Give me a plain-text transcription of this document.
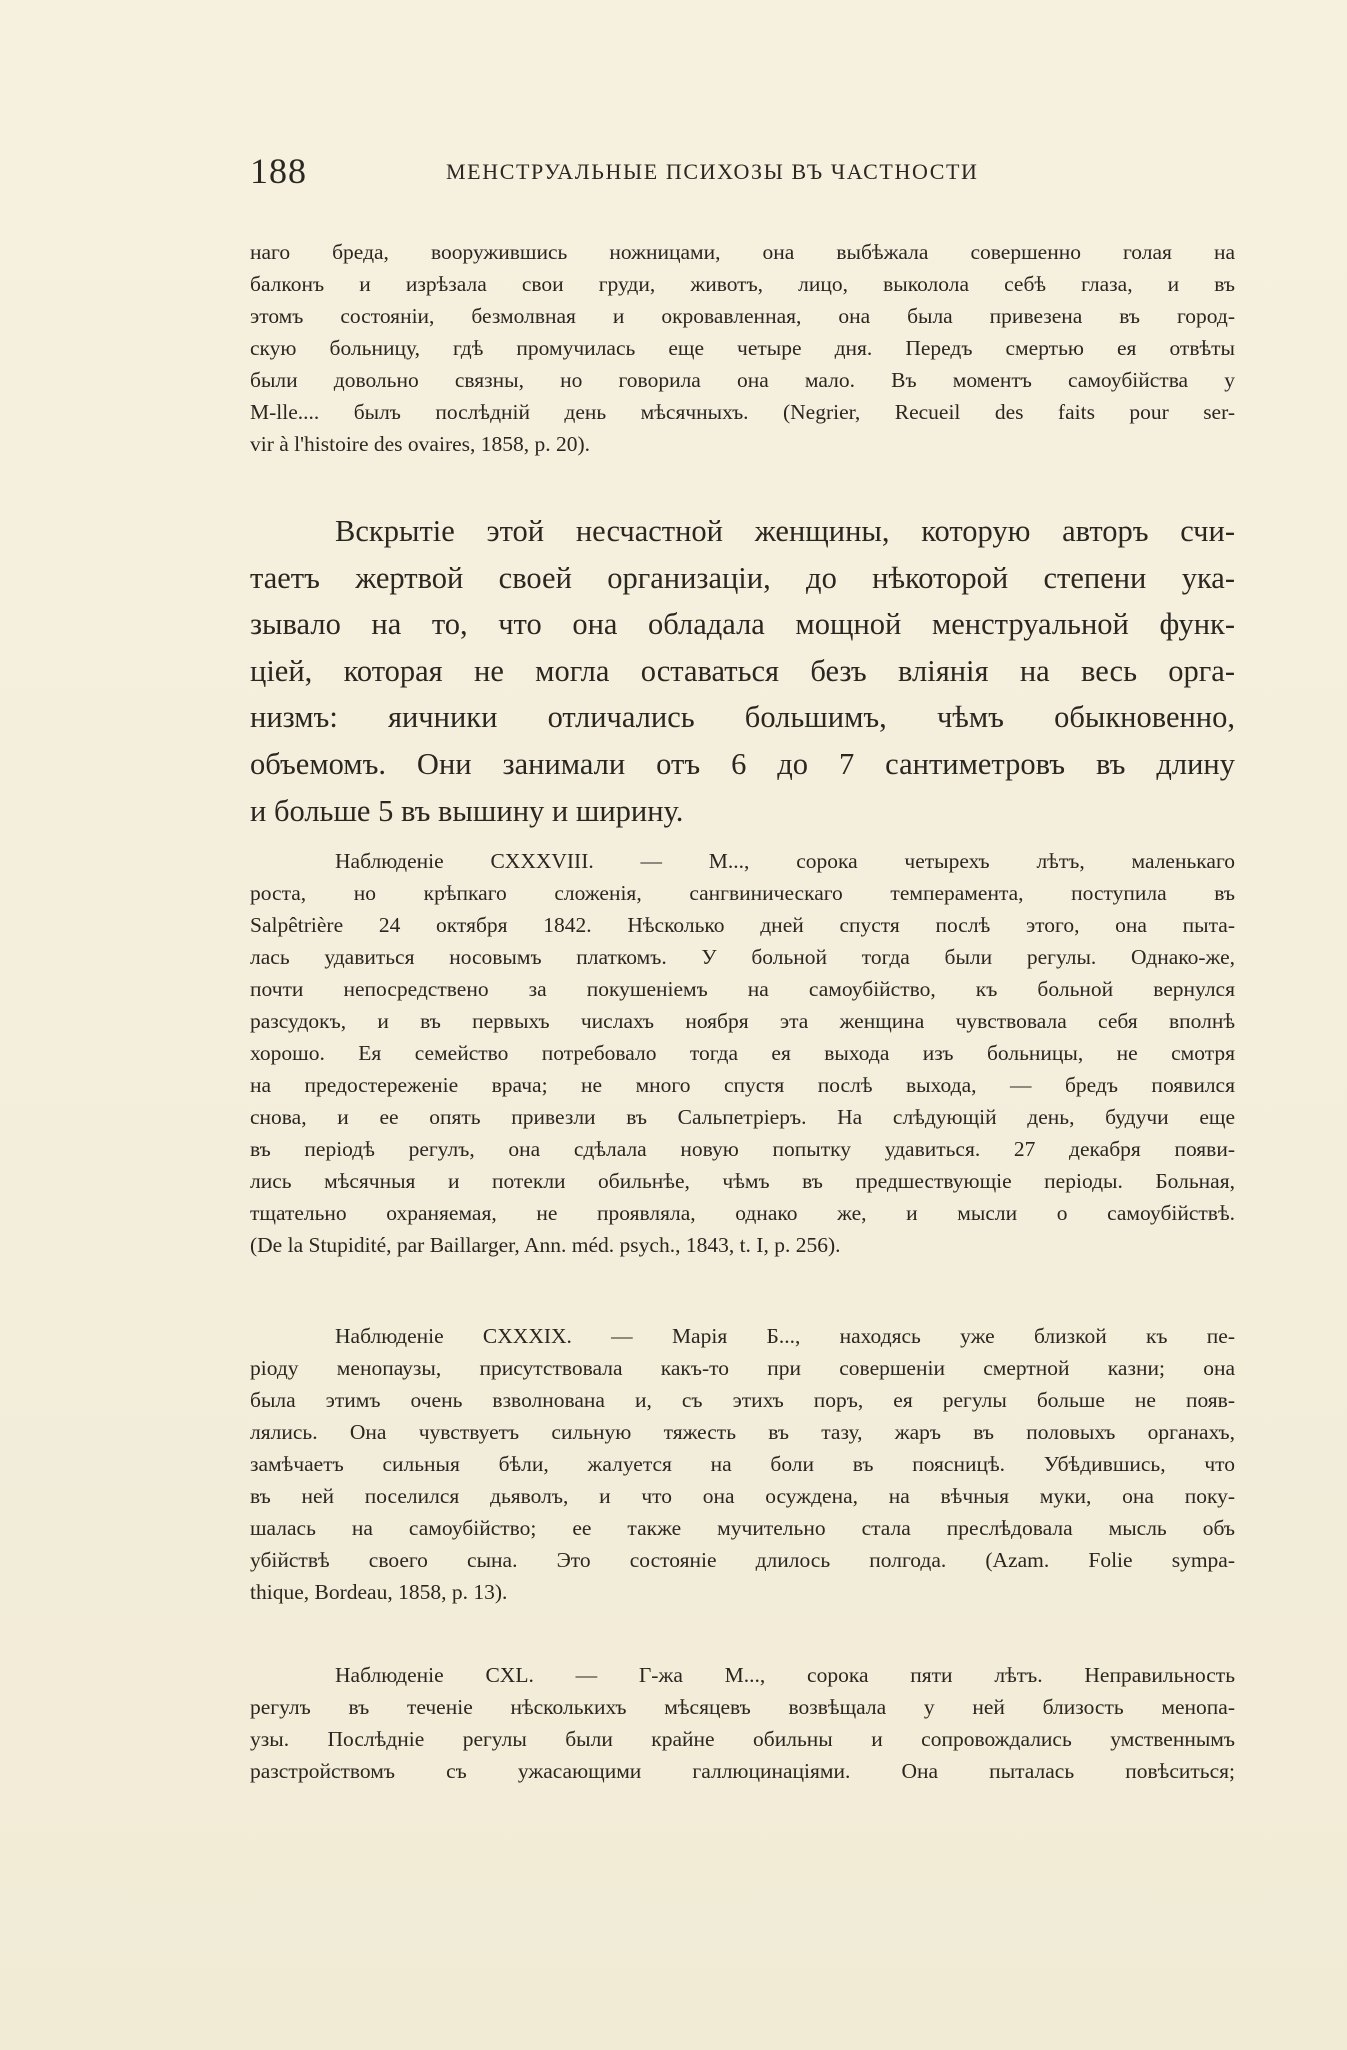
188	МЕНСТРУАЛЬНЫЕ ПСИХОЗЫ ВЪ ЧАСТНОСТИ
наго бреда, вооружившись ножницами, она выбѣжала совершенно голая на
балконъ и изрѣзала свои груди, животъ, лицо, выколола себѣ глаза, и въ
этомъ состояніи, безмолвная и окровавленная, она была привезена въ город-
скую больницу, гдѣ промучилась еще четыре дня. Передъ смертью ея отвѣты
были довольно связны, но говорила она мало. Въ моментъ самоубійства у
M-lle.... былъ послѣдній день мѣсячныхъ. (Negrier, Recueil des faits pour ser-
vir à l'histoire des ovaires, 1858, p. 20).
Вскрытіе этой несчастной женщины, которую авторъ счи-
таетъ жертвой своей организаціи, до нѣкоторой степени ука-
зывало на то, что она обладала мощной менструальной функ-
ціей, которая не могла оставаться безъ вліянія на весь орга-
низмъ: яичники отличались большимъ, чѣмъ обыкновенно,
объемомъ. Они занимали отъ 6 до 7 сантиметровъ въ длину
и больше 5 въ вышину и ширину.
Наблюденіе CXXXVIII. — М..., сорока четырехъ лѣтъ, маленькаго
роста, но крѣпкаго сложенія, сангвиническаго темперамента, поступила въ
Salpêtrière 24 октября 1842. Нѣсколько дней спустя послѣ этого, она пыта-
лась удавиться носовымъ платкомъ. У больной тогда были регулы. Однако-же,
почти непосредствено за покушеніемъ на самоубійство, къ больной вернулся
разсудокъ, и въ первыхъ числахъ ноября эта женщина чувствовала себя вполнѣ
хорошо. Ея семейство потребовало тогда ея выхода изъ больницы, не смотря
на предостереженіе врача; не много спустя послѣ выхода, — бредъ появился
снова, и ее опять привезли въ Сальпетріеръ. На слѣдующій день, будучи еще
въ періодѣ регулъ, она сдѣлала новую попытку удавиться. 27 декабря появи-
лись мѣсячныя и потекли обильнѣе, чѣмъ въ предшествующіе періоды. Больная,
тщательно охраняемая, не проявляла, однако же, и мысли о самоубійствѣ.
(De la Stupidité, par Baillarger, Ann. méd. psych., 1843, t. I, p. 256).
Наблюденіе CXXXIX. — Марія Б..., находясь уже близкой къ пе-
ріоду менопаузы, присутствовала какъ-то при совершеніи смертной казни; она
была этимъ очень взволнована и, съ этихъ поръ, ея регулы больше не появ-
лялись. Она чувствуетъ сильную тяжесть въ тазу, жаръ въ половыхъ органахъ,
замѣчаетъ сильныя бѣли, жалуется на боли въ поясницѣ. Убѣдившись, что
въ ней поселился дьяволъ, и что она осуждена, на вѣчныя муки, она поку-
шалась на самоубійство; ее также мучительно стала преслѣдовала мысль объ
убійствѣ своего сына. Это состояніе длилось полгода. (Azam. Folie sympa-
thique, Bordeau, 1858, p. 13).
Наблюденіе CXL. — Г-жа М..., сорока пяти лѣтъ. Неправильность
регулъ въ теченіе нѣсколькихъ мѣсяцевъ возвѣщала у ней близость менопа-
узы. Послѣдніе регулы были крайне обильны и сопровождались умственнымъ
разстройствомъ съ ужасающими галлюцинаціями. Она пыталась повѣситься;
